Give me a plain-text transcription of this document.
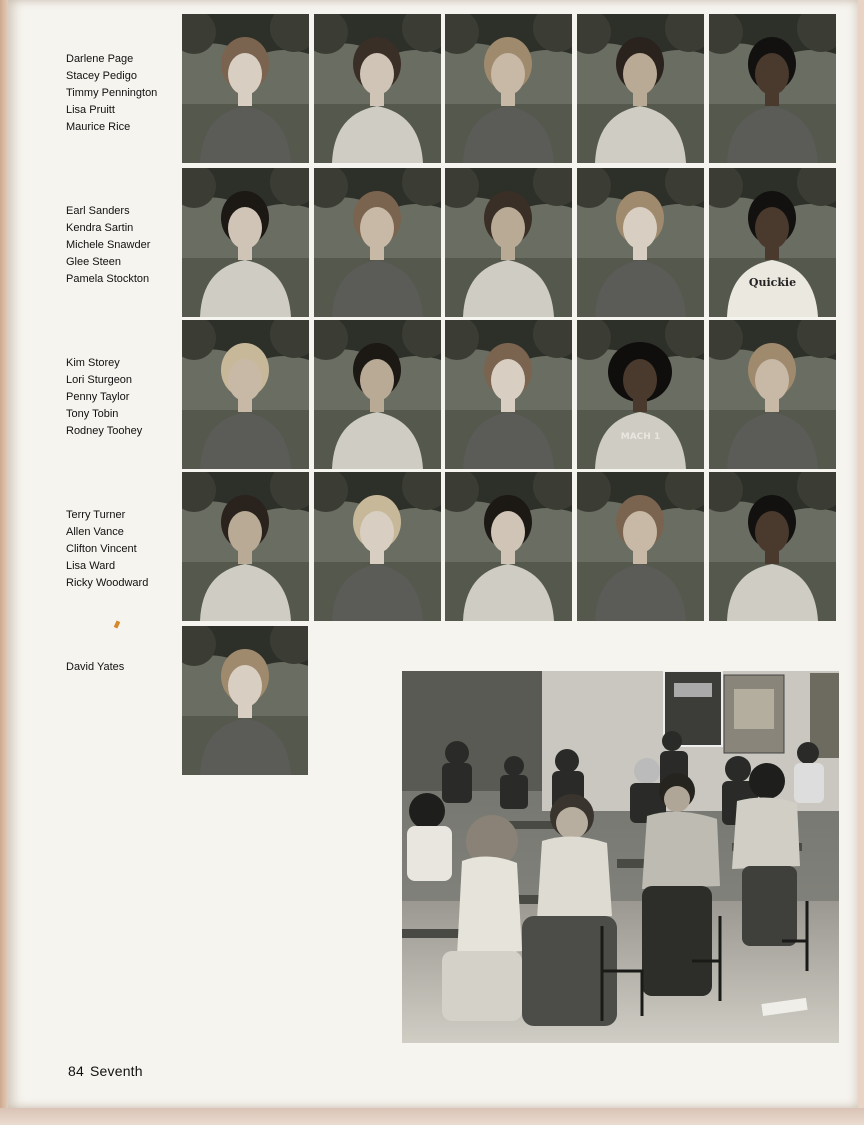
Darlene Page
Stacey Pedigo
Timmy Pennington
Lisa Pruitt
Maurice Rice
Earl Sanders
Kendra Sartin
Michele Snawder
Glee Steen
Pamela Stockton
Kim Storey
Lori Sturgeon
Penny Taylor
Tony Tobin
Rodney Toohey
Terry Turner
Allen Vance
Clifton Vincent
Lisa Ward
Ricky Woodward
David Yates
Quickie
MACH 1
84 Seventh
